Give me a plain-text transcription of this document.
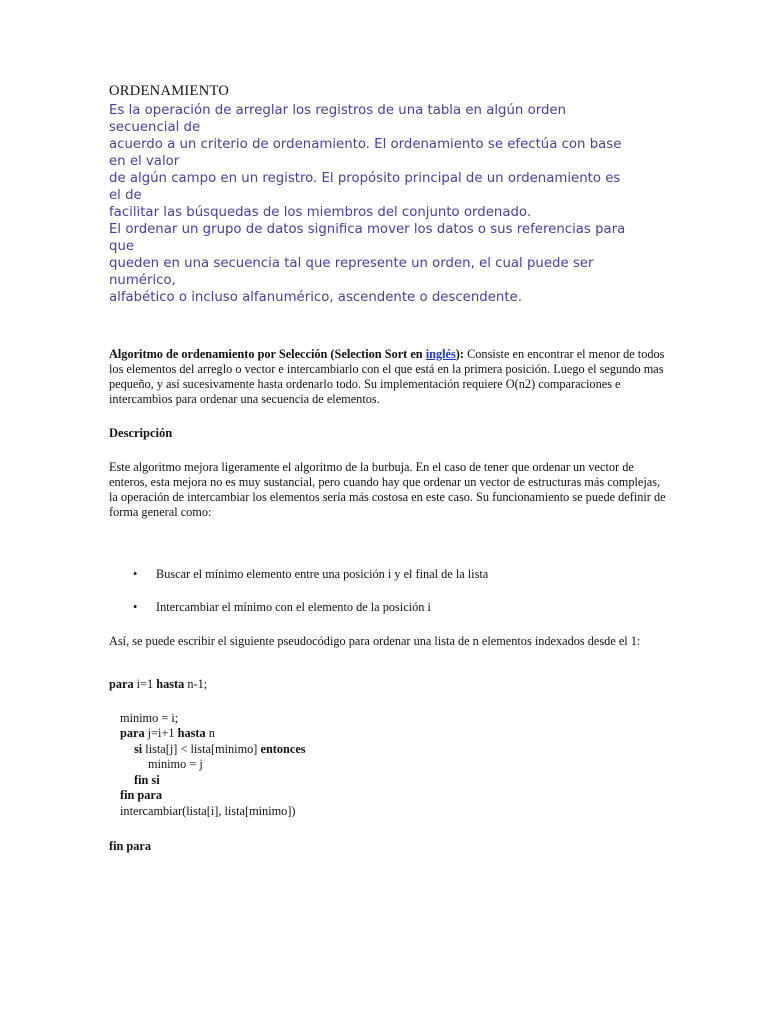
ORDENAMIENTO
Es la operación de arreglar los registros de una tabla en algún orden
secuencial de
acuerdo a un criterio de ordenamiento. El ordenamiento se efectúa con base
en el valor
de algún campo en un registro. El propósito principal de un ordenamiento es
el de
facilitar las búsquedas de los miembros del conjunto ordenado.
El ordenar un grupo de datos significa mover los datos o sus referencias para
que
queden en una secuencia tal que represente un orden, el cual puede ser
numérico,
alfabético o incluso alfanumérico, ascendente o descendente.
Algoritmo de ordenamiento por Selección (Selection Sort en inglés): Consiste en encontrar el menor de todos los elementos del arreglo o vector e intercambiarlo con el que está en la primera posición. Luego el segundo mas pequeño, y así sucesivamente hasta ordenarlo todo. Su implementación requiere O(n2) comparaciones e intercambios para ordenar una secuencia de elementos.
Descripción
Este algoritmo mejora ligeramente el algoritmo de la burbuja. En el caso de tener que ordenar un vector de enteros, esta mejora no es muy sustancial, pero cuando hay que ordenar un vector de estructuras más complejas, la operación de intercambiar los elementos sería más costosa en este caso. Su funcionamiento se puede definir de forma general como:
• Buscar el mínimo elemento entre una posición i y el final de la lista
• Intercambiar el mínimo con el elemento de la posición i
Así, se puede escribir el siguiente pseudocódigo para ordenar una lista de n elementos indexados desde el 1:
para i=1 hasta n-1;
minimo = i;
para j=i+1 hasta n
si lista[j] < lista[minimo] entonces
minimo = j
fin si
fin para
intercambiar(lista[i], lista[minimo])
fin para
